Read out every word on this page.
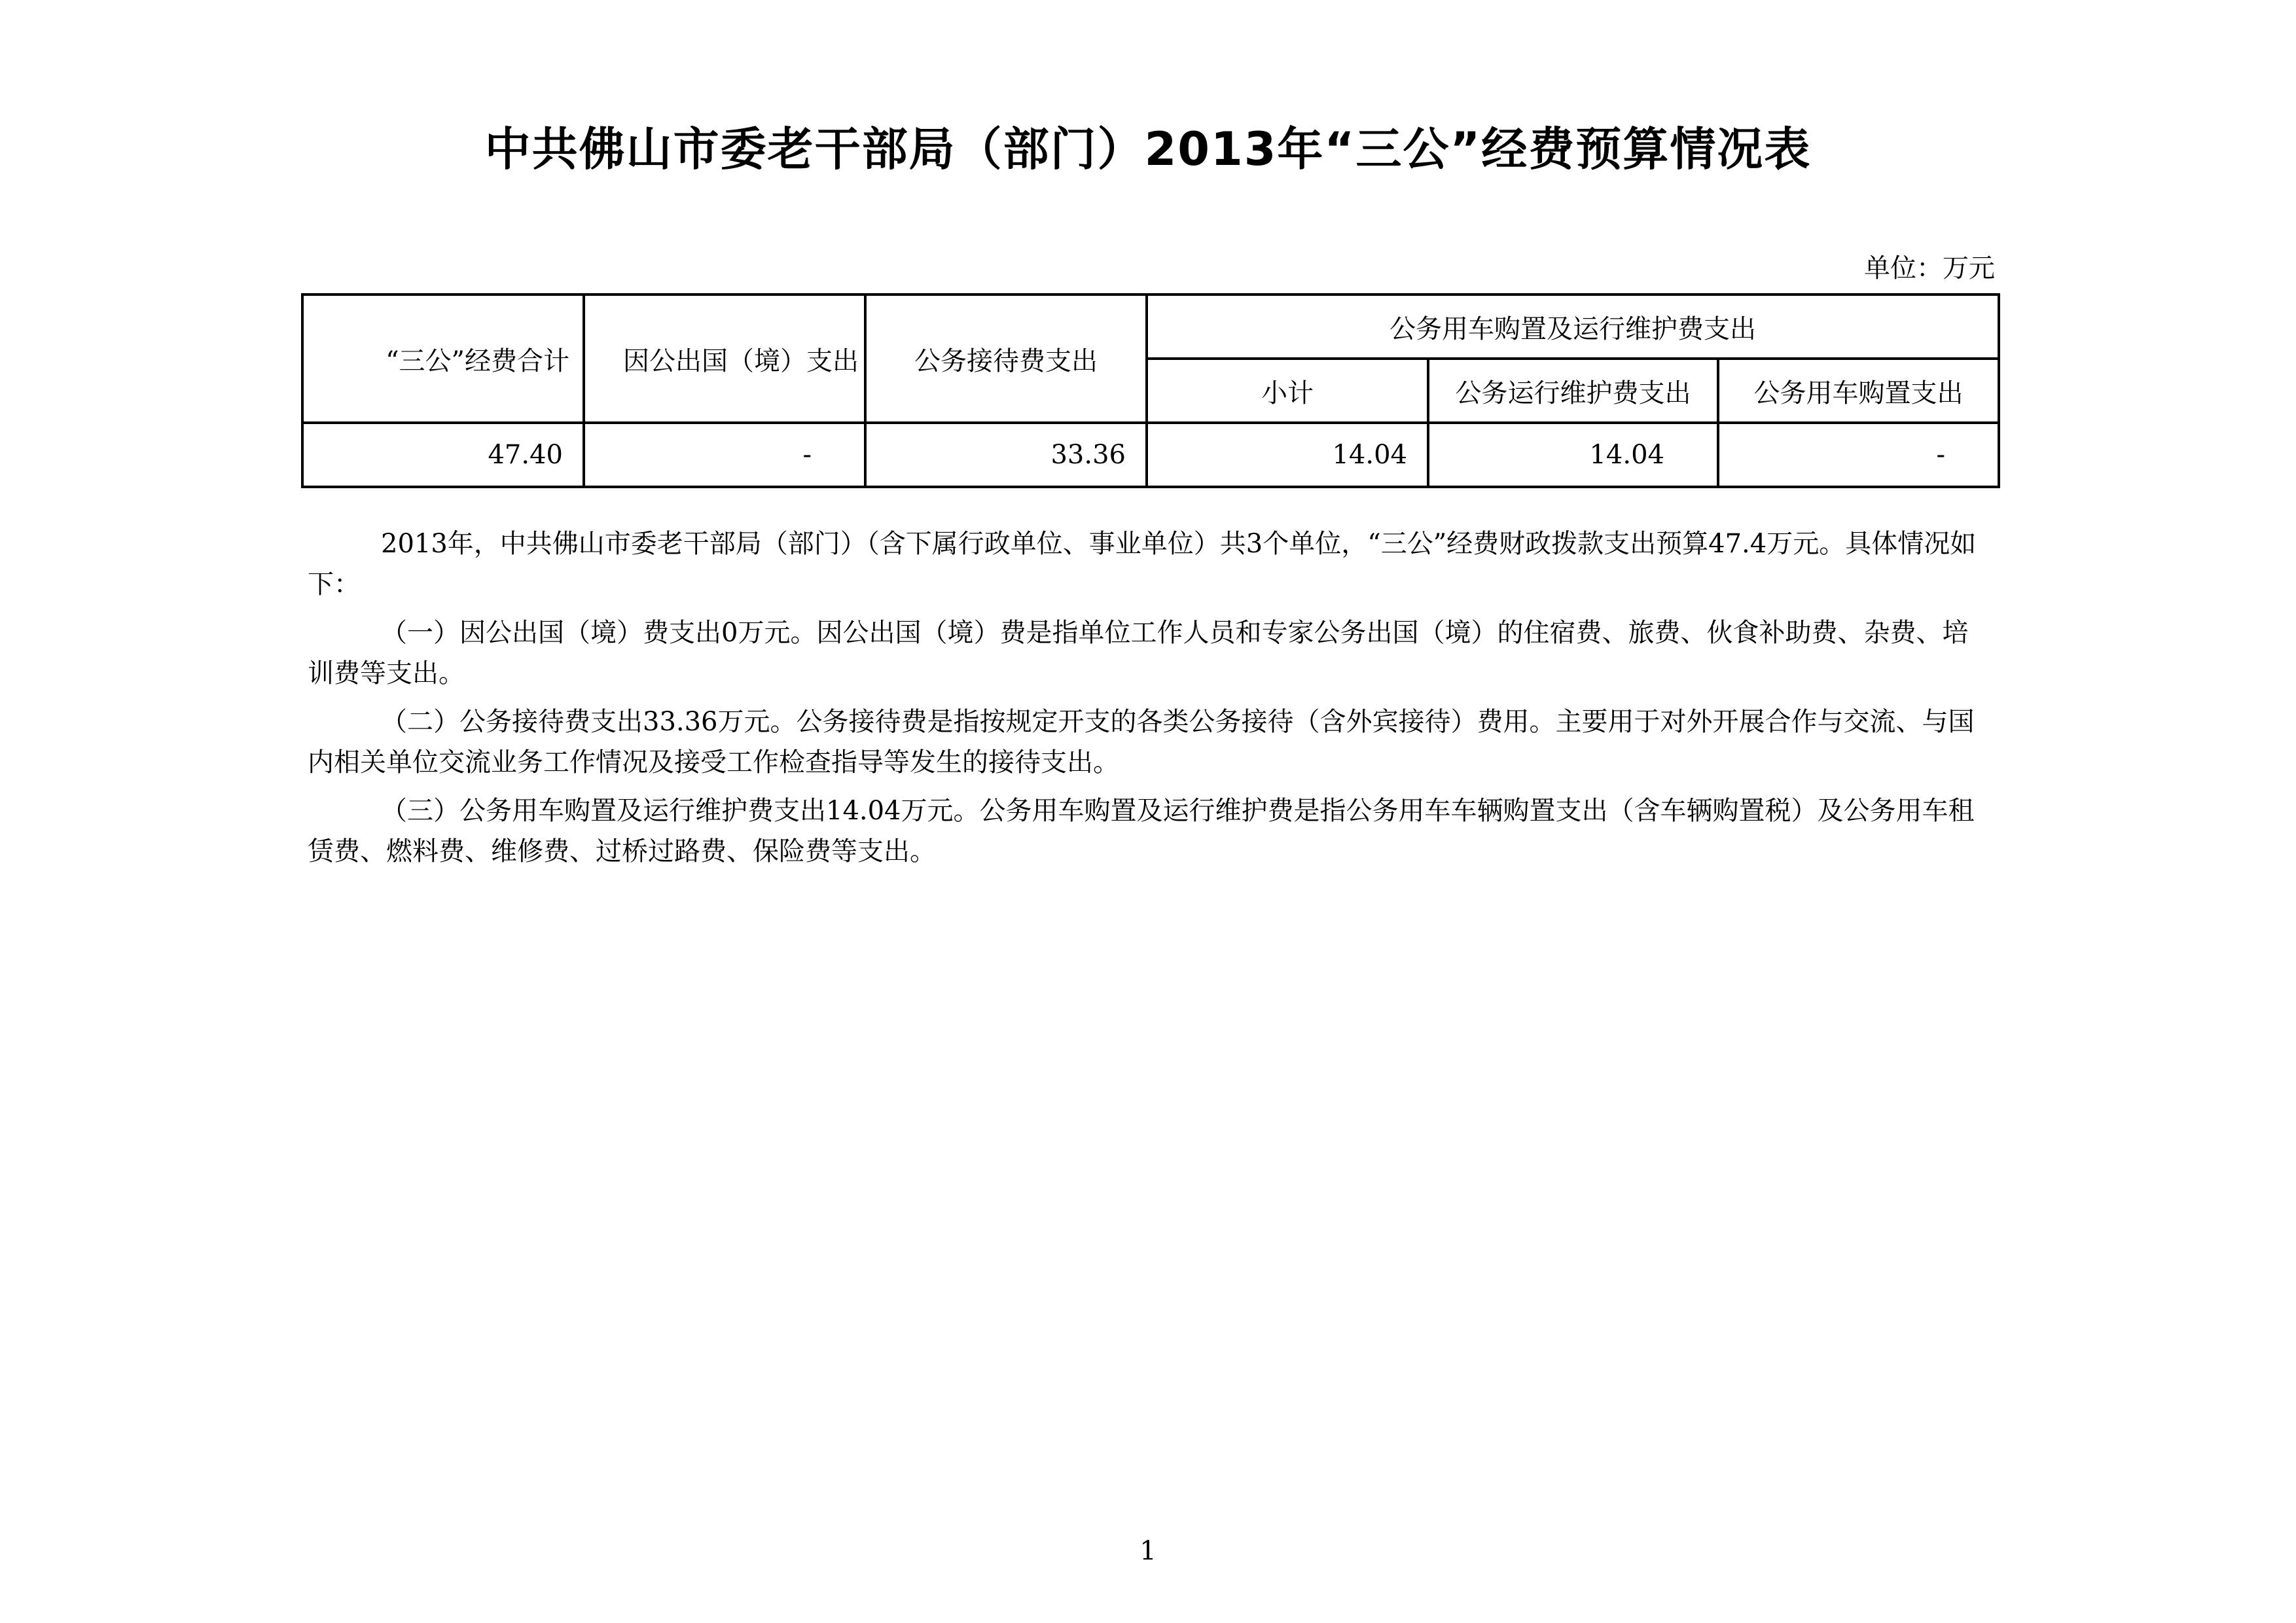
中共佛山市委老干部局（部门）2013年“三公”经费预算情况表
单位：万元
“三公”经费合计	因公出国（境）支出	公务接待费支出	公务用车购置及运行维护费支出		
			小计	公务运行维护费支出	公务用车购置支出
47.40	-	33.36	14.04	14.04	-

2013年，中共佛山市委老干部局（部门）（含下属行政单位、事业单位）共3个单位，“三公”经费财政拨款支出预算47.4万元。具体情况如下：

（一）因公出国（境）费支出0万元。因公出国（境）费是指单位工作人员和专家公务出国（境）的住宿费、旅费、伙食补助费、杂费、培训费等支出。

（二）公务接待费支出33.36万元。公务接待费是指按规定开支的各类公务接待（含外宾接待）费用。主要用于对外开展合作与交流、与国内相关单位交流业务工作情况及接受工作检查指导等发生的接待支出。

（三）公务用车购置及运行维护费支出14.04万元。公务用车购置及运行维护费是指公务用车车辆购置支出（含车辆购置税）及公务用车租赁费、燃料费、维修费、过桥过路费、保险费等支出。

1
